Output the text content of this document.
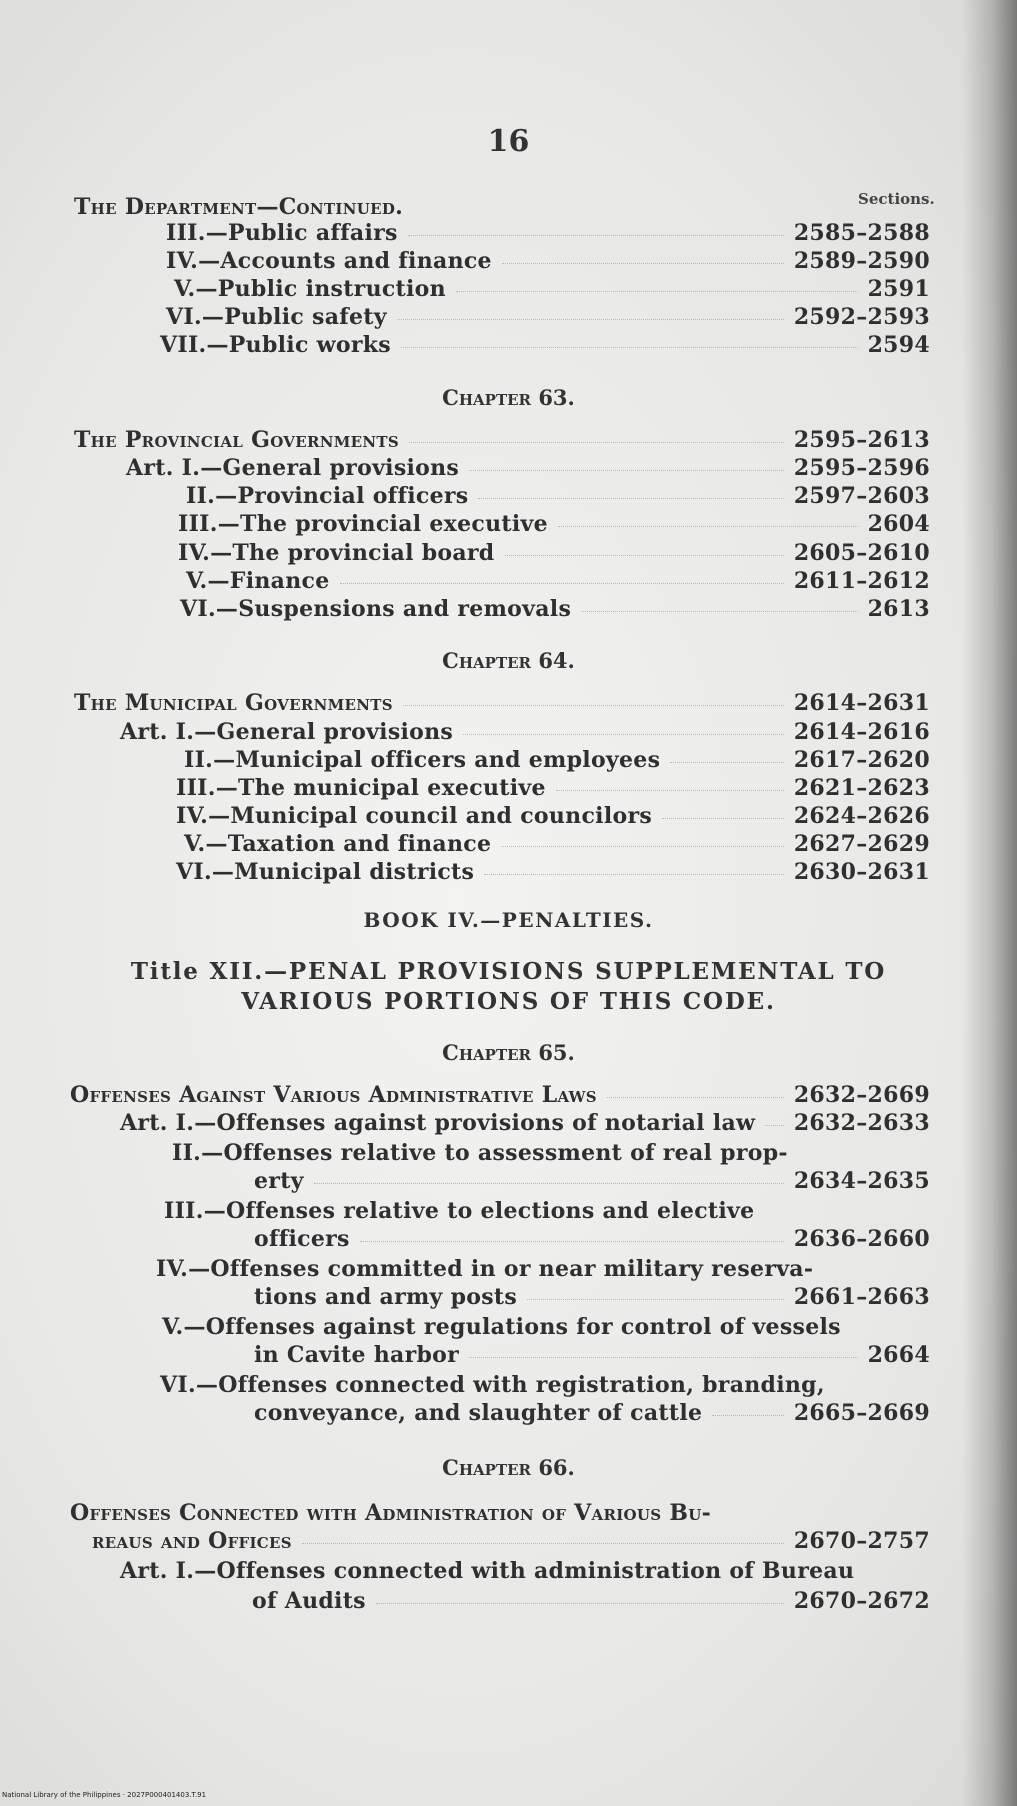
16
Sections.
The Department—Continued.
III.—Public affairs	2585–2588
IV.—Accounts and finance	2589–2590
V.—Public instruction	2591
VI.—Public safety	2592–2593
VII.—Public works	2594
Chapter 63.
The Provincial Governments	2595–2613
Art. I.—General provisions	2595–2596
II.—Provincial officers	2597–2603
III.—The provincial executive	2604
IV.—The provincial board	2605–2610
V.—Finance	2611–2612
VI.—Suspensions and removals	2613
Chapter 64.
The Municipal Governments	2614–2631
Art. I.—General provisions	2614–2616
II.—Municipal officers and employees	2617–2620
III.—The municipal executive	2621–2623
IV.—Municipal council and councilors	2624–2626
V.—Taxation and finance	2627–2629
VI.—Municipal districts	2630–2631
BOOK IV.—PENALTIES.
Title XII.—PENAL PROVISIONS SUPPLEMENTAL TO
VARIOUS PORTIONS OF THIS CODE.
Chapter 65.
Offenses Against Various Administrative Laws	2632–2669
Art. I.—Offenses against provisions of notarial law 2632–2633
II.—Offenses relative to assessment of real prop-
erty	2634–2635
III.—Offenses relative to elections and elective
officers	2636–2660
IV.—Offenses committed in or near military reserva-
tions and army posts	2661–2663
V.—Offenses against regulations for control of vessels
in Cavite harbor	2664
VI.—Offenses connected with registration, branding,
conveyance, and slaughter of cattle	2665–2669
Chapter 66.
Offenses Connected with Administration of Various Bu-
reaus and Offices	2670–2757
Art. I.—Offenses connected with administration of Bureau
of Audits	2670–2672
National Library of the Philippines · 2027P000401403.T.91
